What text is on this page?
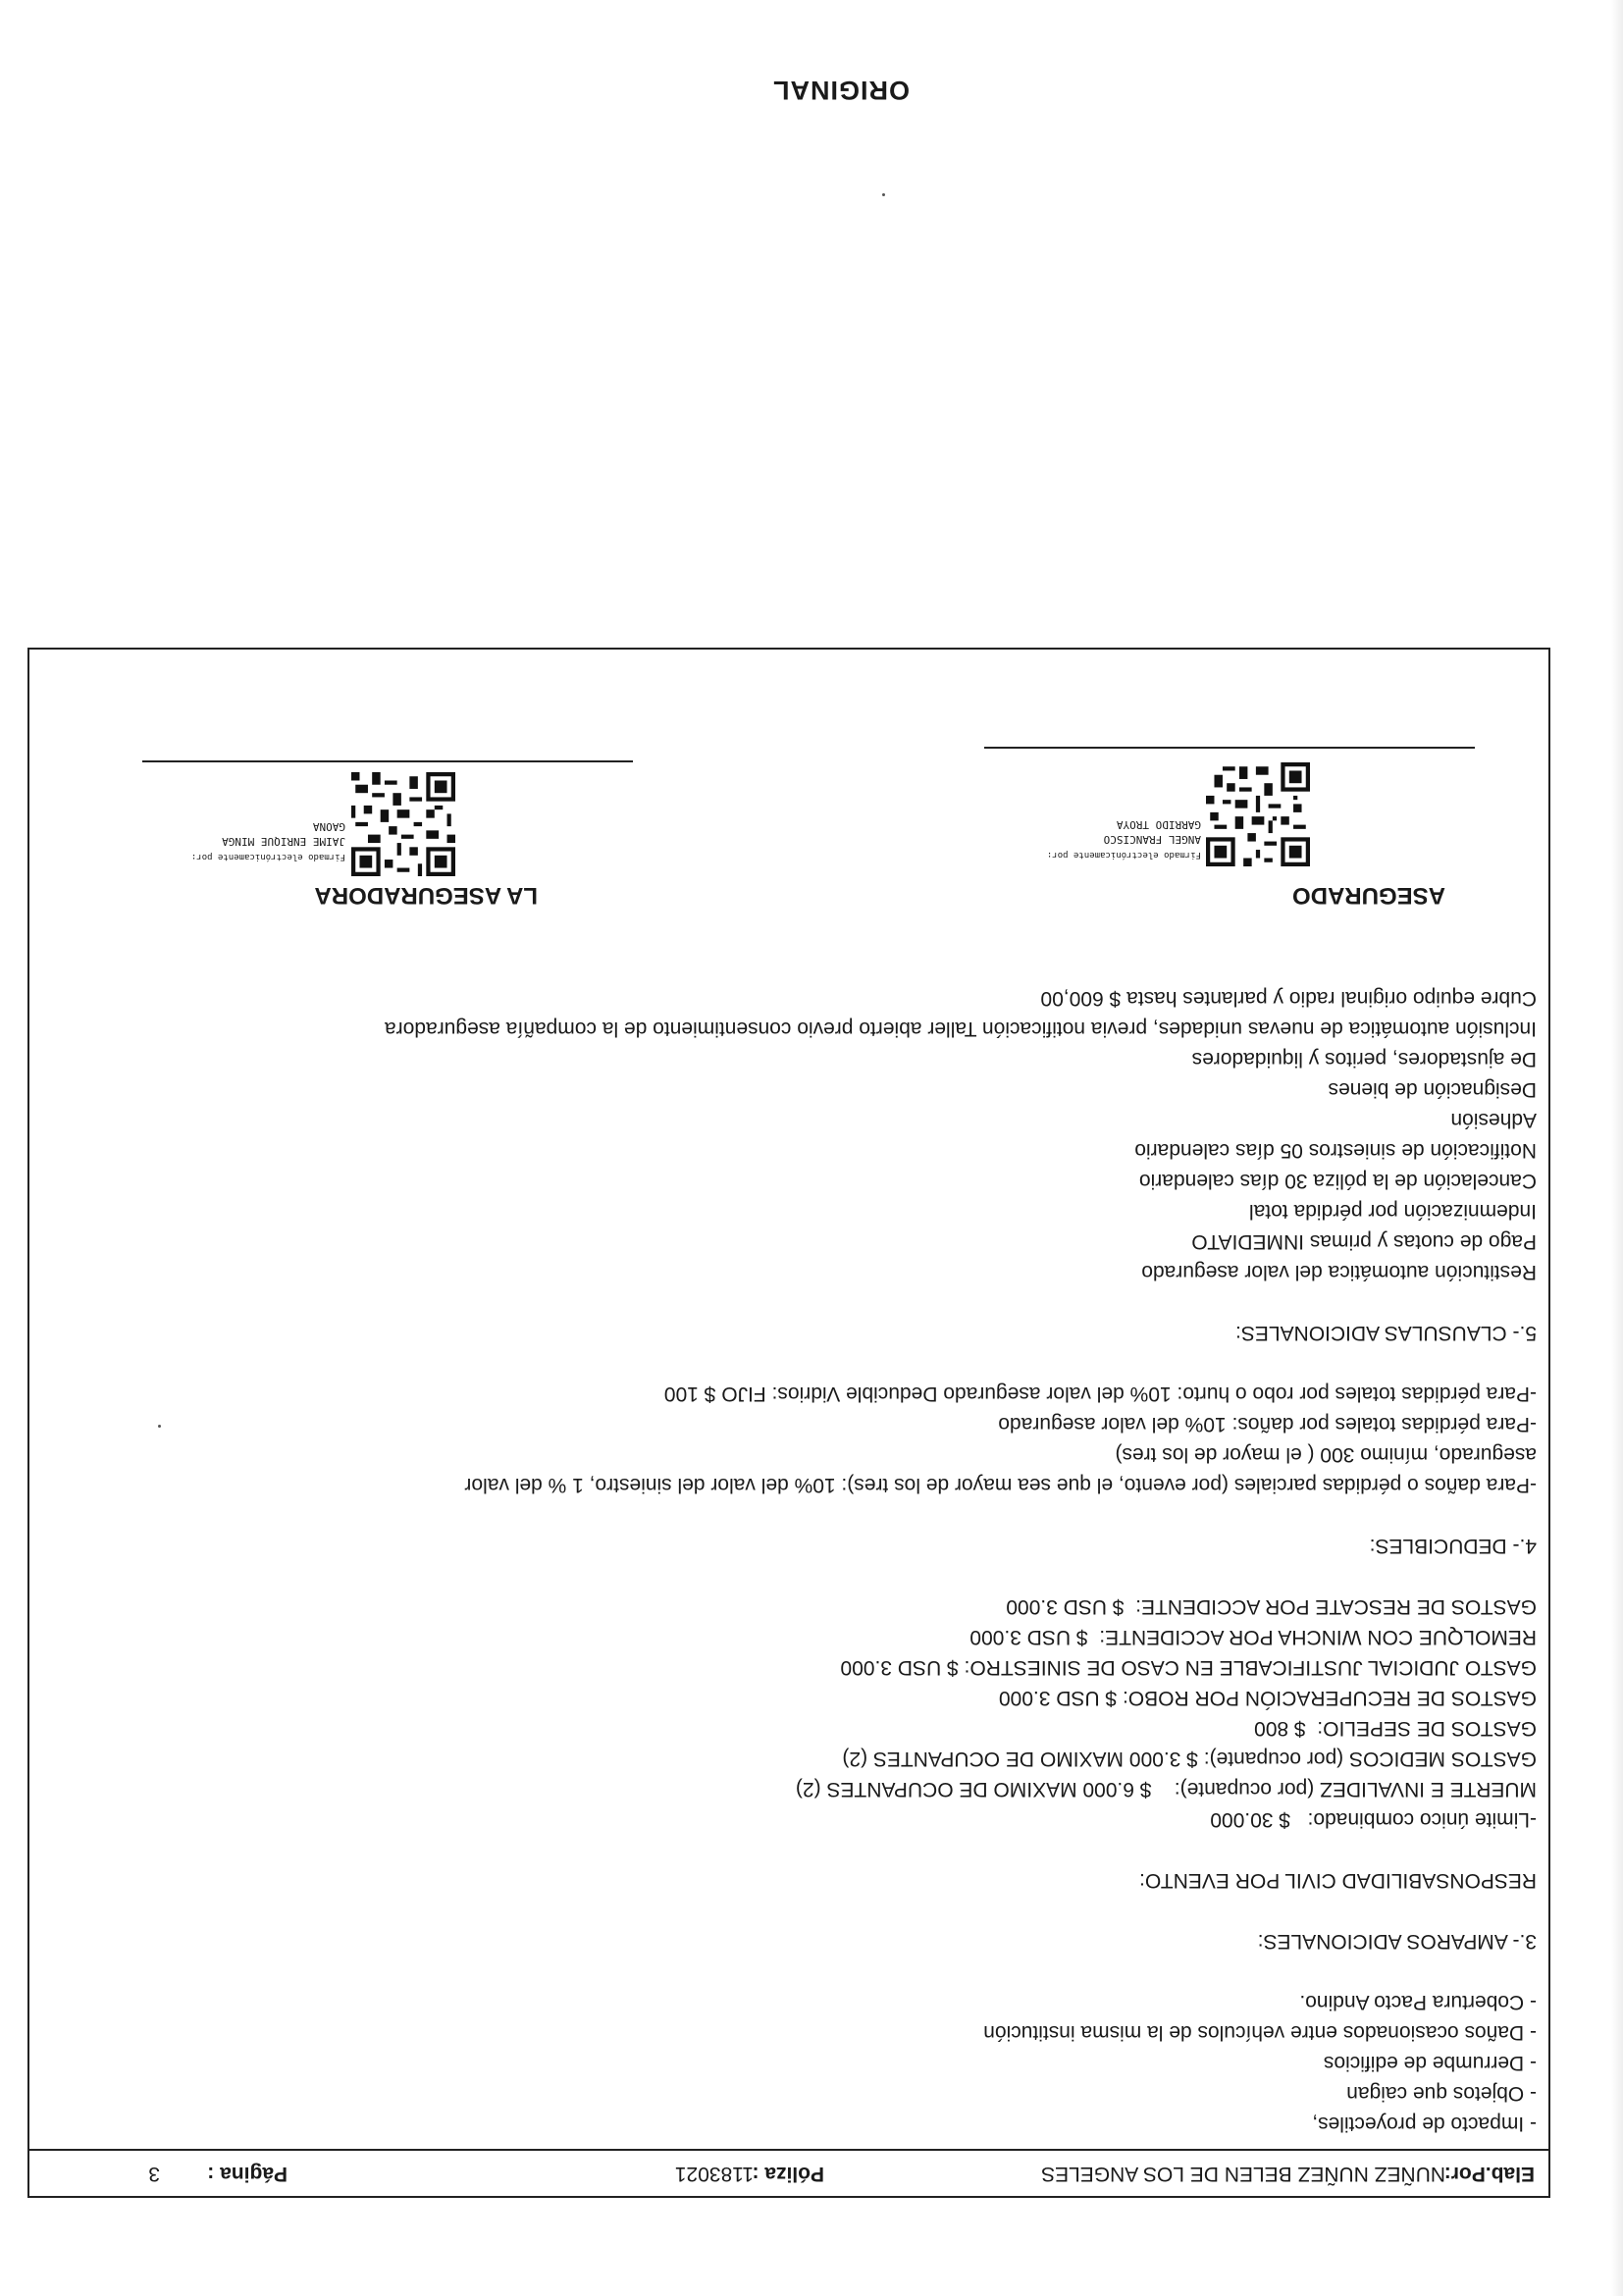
Elab.Por:
NUÑEZ NUÑEZ BELEN DE LOS ANGELES
Póliza :
1183021
Página :
3

- Impacto de proyectiles,

- Objetos que caigan

- Derrumbe de edificios

- Daños ocasionados entre vehículos de la misma institución

- Cobertura Pacto Andino.

3.- AMPAROS ADICIONALES:

RESPONSABILIDAD CIVIL POR EVENTO:

-Limite único combinado:   $ 30.000

MUERTE E INVALIDEZ (por ocupante):    $ 6.000 MAXIMO DE OCUPANTES (2)

GASTOS MEDICOS (por ocupante): $ 3.000 MAXIMO DE OCUPANTES (2)

GASTOS DE SEPELIO:  $ 800

GASTOS DE RECUPERACIÓN POR ROBO: $ USD 3.000

GASTO JUDICIAL JUSTIFICABLE EN CASO DE SINIESTRO: $ USD 3.000

REMOLQUE CON WINCHA POR ACCIDENTE:  $ USD 3.000

GASTOS DE RESCATE POR ACCIDENTE:  $ USD 3.000

4.- DEDUCIBLES:

-Para daños o pérdidas parciales (por evento, el que sea mayor de los tres): 10% del valor del siniestro, 1 % del valor

asegurado, mínimo 300 ( el mayor de los tres)

-Para pérdidas totales por daños: 10% del valor asegurado

-Para pérdidas totales por robo o hurto: 10% del valor asegurado Deducible Vidrios: FIJO $ 100

5.- CLAUSULAS ADICIONALES:

Restitución automática del valor asegurado

Pago de cuotas y primas INMEDIATO

Indemnización por pérdida total

Cancelación de la póliza 30 días calendario

Notificación de siniestros 05 días calendario

Adhesión

Designación de bienes

De ajustadores, peritos y liquidadores

Inclusión automática de nuevas unidades, previa notificación Taller abierto previo consentimiento de la compañía aseguradora

Cubre equipo original radio y parlantes hasta $ 600,00

ASEGURADO
LA ASEGURADORA
Firmado electrónicamente por:
ANGEL FRANCISCO
GARRIDO TROYA
Firmado electrónicamente por:
JAIME ENRIQUE MINGA
GAONA
ORIGINAL
